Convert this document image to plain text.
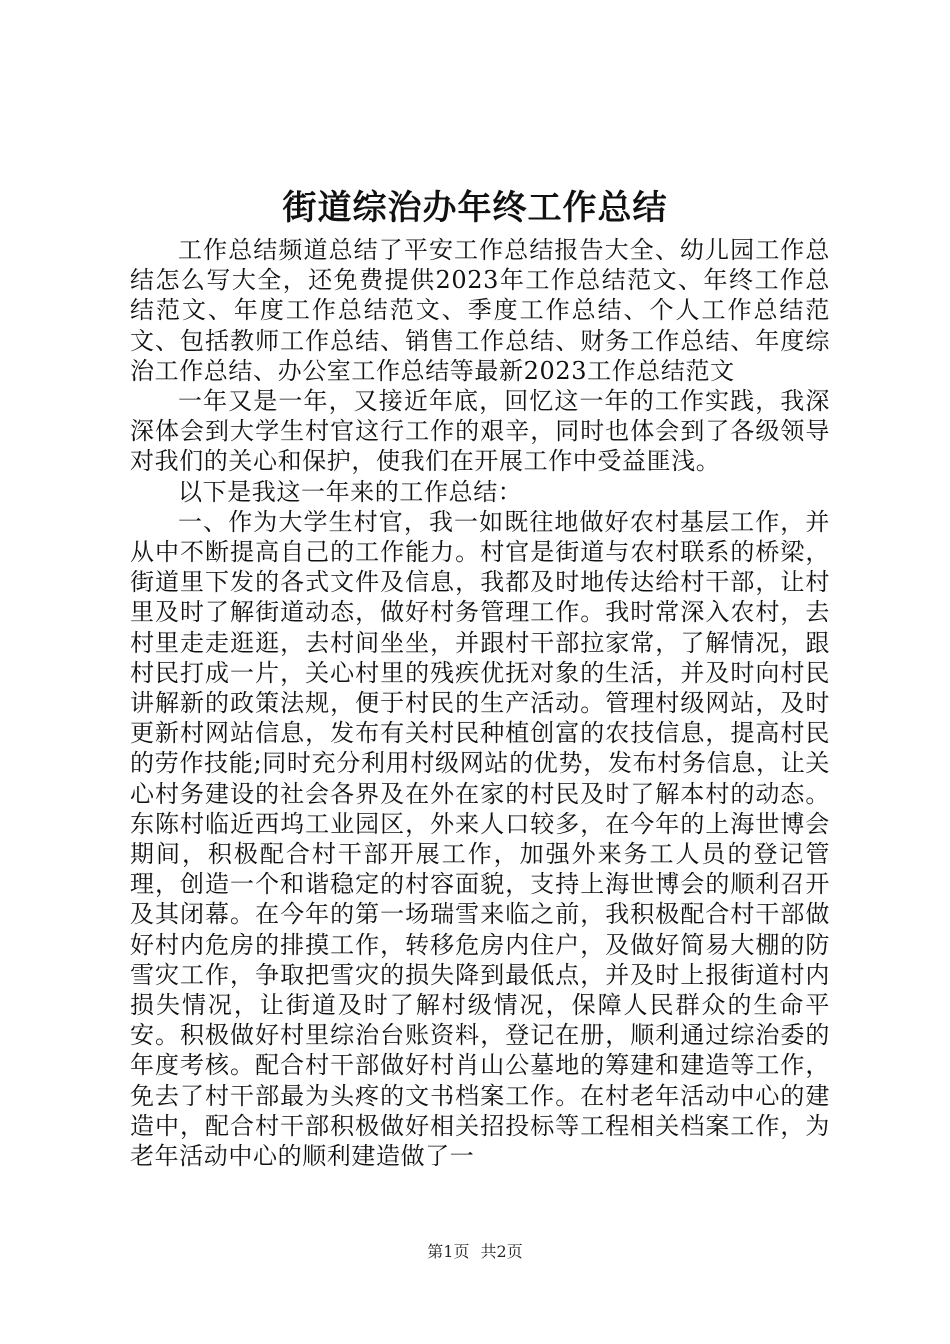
街道综治办年终工作总结

工作总结频道总结了平安工作总结报告大全、幼儿园工作总结怎么写大全，还免费提供2023年工作总结范文、年终工作总结范文、年度工作总结范文、季度工作总结、个人工作总结范文、包括教师工作总结、销售工作总结、财务工作总结、年度综治工作总结、办公室工作总结等最新2023工作总结范文

一年又是一年，又接近年底，回忆这一年的工作实践，我深深体会到大学生村官这行工作的艰辛，同时也体会到了各级领导对我们的关心和保护，使我们在开展工作中受益匪浅。

以下是我这一年来的工作总结：

一、作为大学生村官，我一如既往地做好农村基层工作，并从中不断提高自己的工作能力。村官是街道与农村联系的桥梁，街道里下发的各式文件及信息，我都及时地传达给村干部，让村里及时了解街道动态，做好村务管理工作。我时常深入农村，去村里走走逛逛，去村间坐坐，并跟村干部拉家常，了解情况，跟村民打成一片，关心村里的残疾优抚对象的生活，并及时向村民讲解新的政策法规，便于村民的生产活动。管理村级网站，及时更新村网站信息，发布有关村民种植创富的农技信息，提高村民的劳作技能;同时充分利用村级网站的优势，发布村务信息，让关心村务建设的社会各界及在外在家的村民及时了解本村的动态。东陈村临近西坞工业园区，外来人口较多，在今年的上海世博会期间，积极配合村干部开展工作，加强外来务工人员的登记管理，创造一个和谐稳定的村容面貌，支持上海世博会的顺利召开及其闭幕。在今年的第一场瑞雪来临之前，我积极配合村干部做好村内危房的排摸工作，转移危房内住户，及做好简易大棚的防雪灾工作，争取把雪灾的损失降到最低点，并及时上报街道村内损失情况，让街道及时了解村级情况，保障人民群众的生命平安。积极做好村里综治台账资料，登记在册，顺利通过综治委的年度考核。配合村干部做好村肖山公墓地的筹建和建造等工作，免去了村干部最为头疼的文书档案工作。在村老年活动中心的建造中，配合村干部积极做好相关招投标等工程相关档案工作，为老年活动中心的顺利建造做了一

第1页 共2页
